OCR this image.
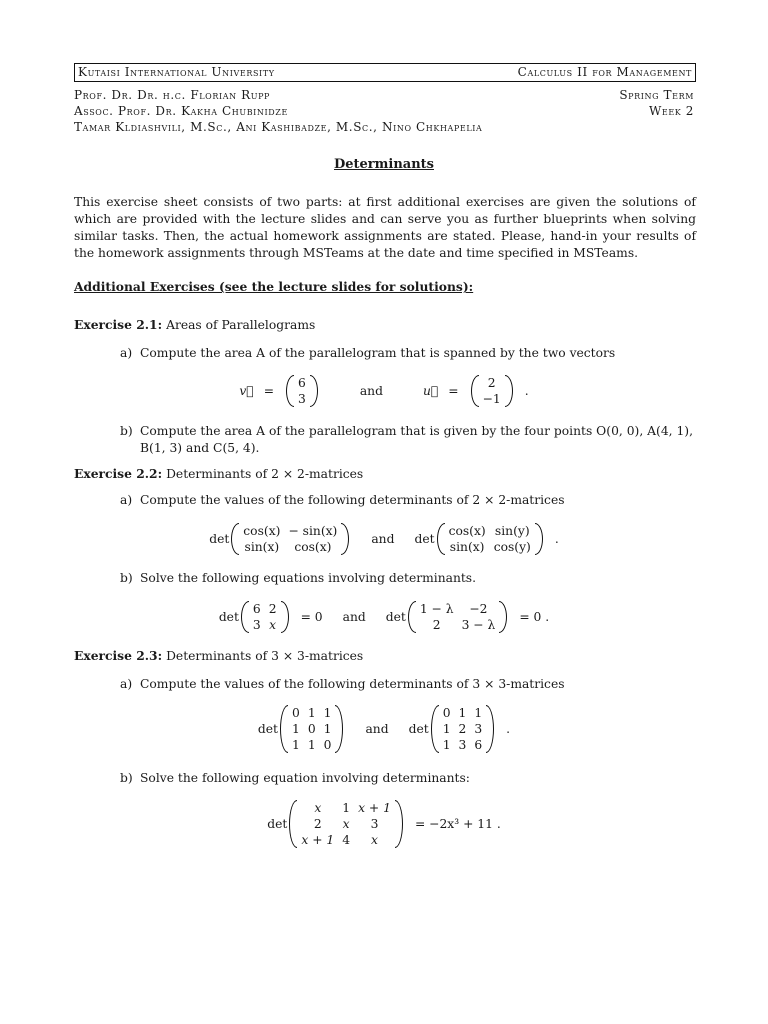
Kutaisi International University	Calculus II for Management
Prof. Dr. Dr. h.c. Florian Rupp
Assoc. Prof. Dr. Kakha Chubinidze
Tamar Kldiashvili, M.Sc., Ani Kashibadze, M.Sc., Nino Chkhapelia
Spring Term
Week 2
Determinants
This exercise sheet consists of two parts: at first additional exercises are given the solutions of which are provided with the lecture slides and can serve you as further blueprints when solving similar tasks. Then, the actual homework assignments are stated. Please, hand-in your results of the homework assignments through MSTeams at the date and time specified in MSTeams.
Additional Exercises (see the lecture slides for solutions):
Exercise 2.1: Areas of Parallelograms
a) Compute the area A of the parallelogram that is spanned by the two vectors
v⃗ =
6
3
and	u⃗ =
2
−1
.
b) Compute the area A of the parallelogram that is given by the four points O(0, 0), A(4, 1), B(1, 3) and C(5, 4).
Exercise 2.2: Determinants of 2 × 2-matrices
a) Compute the values of the following determinants of 2 × 2-matrices
det
cos(x)	− sin(x)
sin(x)	cos(x)
and det
cos(x)	sin(y)
sin(x)	cos(y)
.
b) Solve the following equations involving determinants.
det
6	2
3	x
= 0 and det
1 − λ	−2
2	3 − λ
= 0 .
Exercise 2.3: Determinants of 3 × 3-matrices
a) Compute the values of the following determinants of 3 × 3-matrices
det
0	1	1
1	0	1
1	1	0
and det
0	1	1
1	2	3
1	3	6
.
b) Solve the following equation involving determinants:
det
x	1	x + 1
2	x	3
x + 1	4	x
= −2x³ + 11 .
